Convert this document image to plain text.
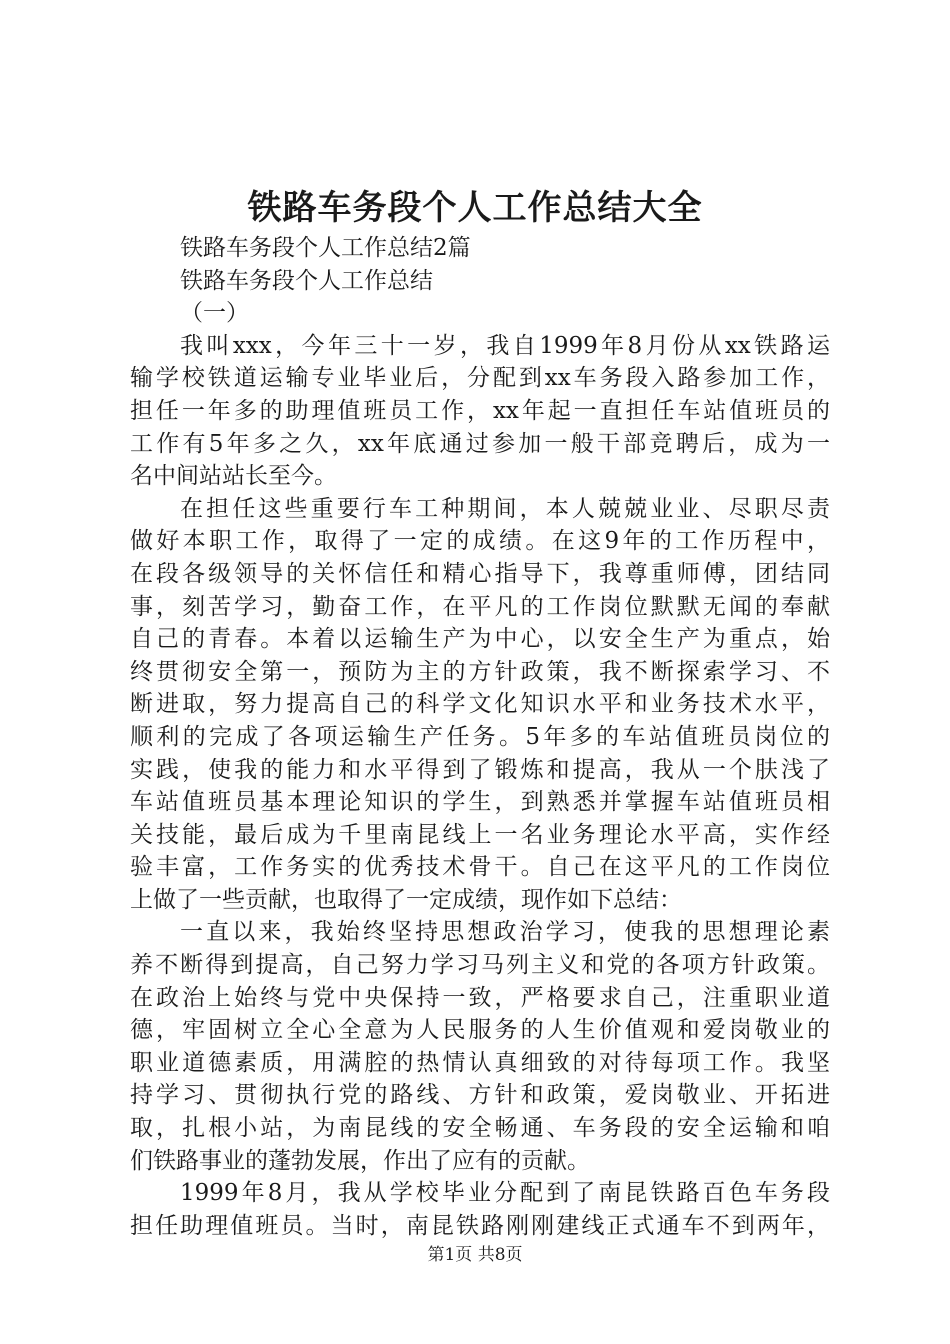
铁路车务段个人工作总结大全
铁路车务段个人工作总结2篇
铁路车务段个人工作总结
（一）
我叫xxx，今年三十一岁，我自1999年8月份从xx铁路运
输学校铁道运输专业毕业后，分配到xx车务段入路参加工作，
担任一年多的助理值班员工作，xx年起一直担任车站值班员的
工作有5年多之久，xx年底通过参加一般干部竞聘后，成为一
名中间站站长至今。
在担任这些重要行车工种期间，本人兢兢业业、尽职尽责
做好本职工作，取得了一定的成绩。在这9年的工作历程中，
在段各级领导的关怀信任和精心指导下，我尊重师傅，团结同
事，刻苦学习，勤奋工作，在平凡的工作岗位默默无闻的奉献
自己的青春。本着以运输生产为中心，以安全生产为重点，始
终贯彻安全第一，预防为主的方针政策，我不断探索学习、不
断进取，努力提高自己的科学文化知识水平和业务技术水平，
顺利的完成了各项运输生产任务。5年多的车站值班员岗位的
实践，使我的能力和水平得到了锻炼和提高，我从一个肤浅了
车站值班员基本理论知识的学生，到熟悉并掌握车站值班员相
关技能，最后成为千里南昆线上一名业务理论水平高，实作经
验丰富，工作务实的优秀技术骨干。自己在这平凡的工作岗位
上做了一些贡献，也取得了一定成绩，现作如下总结：
一直以来，我始终坚持思想政治学习，使我的思想理论素
养不断得到提高，自己努力学习马列主义和党的各项方针政策。
在政治上始终与党中央保持一致，严格要求自己，注重职业道
德，牢固树立全心全意为人民服务的人生价值观和爱岗敬业的
职业道德素质，用满腔的热情认真细致的对待每项工作。我坚
持学习、贯彻执行党的路线、方针和政策，爱岗敬业、开拓进
取，扎根小站，为南昆线的安全畅通、车务段的安全运输和咱
们铁路事业的蓬勃发展，作出了应有的贡献。
1999年8月，我从学校毕业分配到了南昆铁路百色车务段
担任助理值班员。当时，南昆铁路刚刚建线正式通车不到两年，
第1页 共8页
